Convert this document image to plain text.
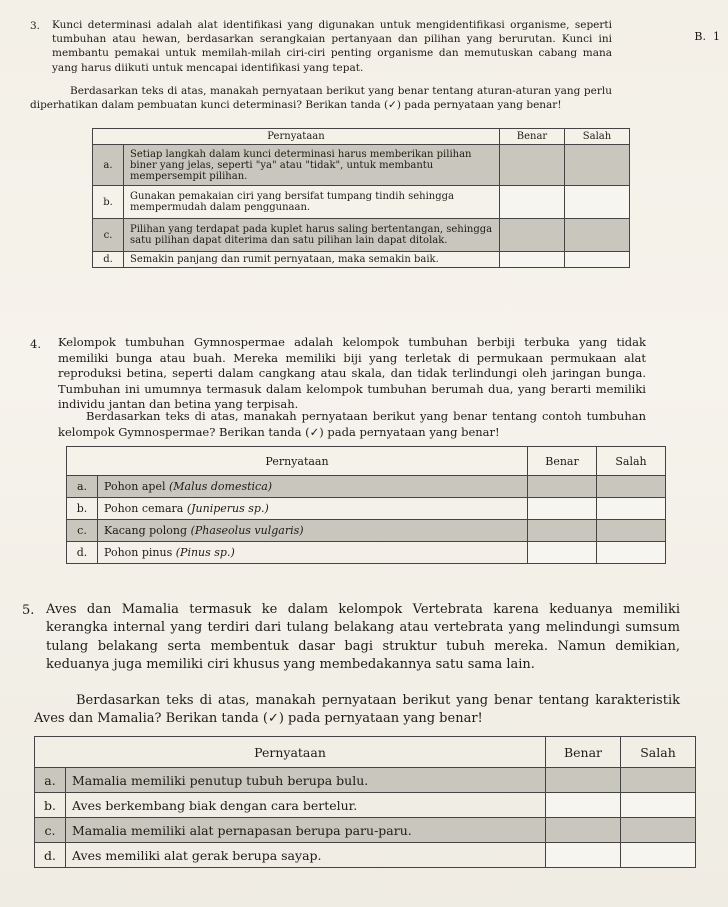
B. 1
3. Kunci determinasi adalah alat identifikasi yang digunakan untuk mengidentifikasi organisme, seperti tumbuhan atau hewan, berdasarkan serangkaian pertanyaan dan pilihan yang berurutan. Kunci ini membantu pemakai untuk memilah-milah ciri-ciri penting organisme dan memutuskan cabang mana yang harus diikuti untuk mencapai identifikasi yang tepat.
Berdasarkan teks di atas, manakah pernyataan berikut yang benar tentang aturan-aturan yang perlu diperhatikan dalam pembuatan kunci determinasi? Berikan tanda (✓) pada pernyataan yang benar!
Pernyataan		Benar	Salah
a.	Setiap langkah dalam kunci determinasi harus memberikan pilihan biner yang jelas, seperti "ya" atau "tidak", untuk membantu mempersempit pilihan.		
b.	Gunakan pemakaian ciri yang bersifat tumpang tindih sehingga mempermudah dalam penggunaan.		
c.	Pilihan yang terdapat pada kuplet harus saling bertentangan, sehingga satu pilihan dapat diterima dan satu pilihan lain dapat ditolak.		
d.	Semakin panjang dan rumit pernyataan, maka semakin baik.		
4. Kelompok tumbuhan Gymnospermae adalah kelompok tumbuhan berbiji terbuka yang tidak memiliki bunga atau buah. Mereka memiliki biji yang terletak di permukaan permukaan alat reproduksi betina, seperti dalam cangkang atau skala, dan tidak terlindungi oleh jaringan bunga. Tumbuhan ini umumnya termasuk dalam kelompok tumbuhan berumah dua, yang berarti memiliki individu jantan dan betina yang terpisah.
Berdasarkan teks di atas, manakah pernyataan berikut yang benar tentang contoh tumbuhan kelompok Gymnospermae? Berikan tanda (✓) pada pernyataan yang benar!
Pernyataan		Benar	Salah
a.	Pohon apel (Malus domestica)		
b.	Pohon cemara (Juniperus sp.)		
c.	Kacang polong (Phaseolus vulgaris)		
d.	Pohon pinus (Pinus sp.)		
5. Aves dan Mamalia termasuk ke dalam kelompok Vertebrata karena keduanya memiliki kerangka internal yang terdiri dari tulang belakang atau vertebrata yang melindungi sumsum tulang belakang serta membentuk dasar bagi struktur tubuh mereka. Namun demikian, keduanya juga memiliki ciri khusus yang membedakannya satu sama lain.
Berdasarkan teks di atas, manakah pernyataan berikut yang benar tentang karakteristik Aves dan Mamalia? Berikan tanda (✓) pada pernyataan yang benar!
Pernyataan		Benar	Salah
a.	Mamalia memiliki penutup tubuh berupa bulu.		
b.	Aves berkembang biak dengan cara bertelur.		
c.	Mamalia memiliki alat pernapasan berupa paru-paru.		
d.	Aves memiliki alat gerak berupa sayap.		
